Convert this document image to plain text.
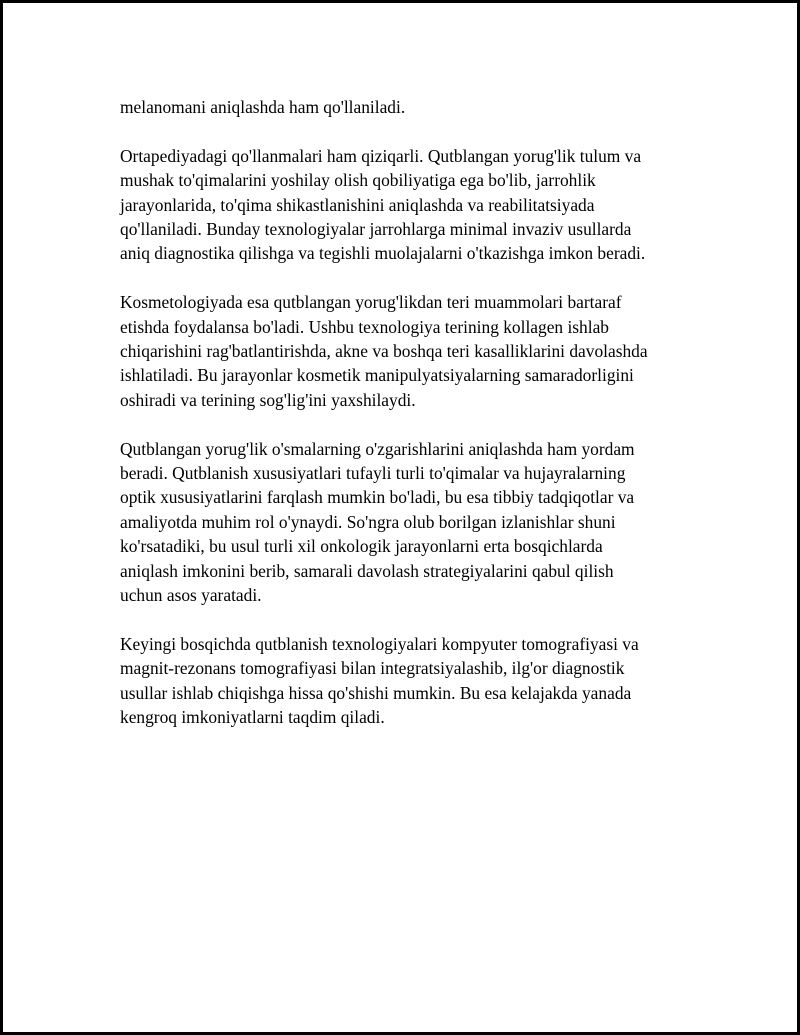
melanomani aniqlashda ham qo'llaniladi.

Ortapediyadagi qo'llanmalari ham qiziqarli. Qutblangan yorug'lik tulum va
mushak to'qimalarini yoshilay olish qobiliyatiga ega bo'lib, jarrohlik
jarayonlarida, to'qima shikastlanishini aniqlashda va reabilitatsiyada
qo'llaniladi. Bunday texnologiyalar jarrohlarga minimal invaziv usullarda
aniq diagnostika qilishga va tegishli muolajalarni o'tkazishga imkon beradi.

Kosmetologiyada esa qutblangan yorug'likdan teri muammolari bartaraf
etishda foydalansa bo'ladi. Ushbu texnologiya terining kollagen ishlab
chiqarishini rag'batlantirishda, akne va boshqa teri kasalliklarini davolashda
ishlatiladi. Bu jarayonlar kosmetik manipulyatsiyalarning samaradorligini
oshiradi va terining sog'lig'ini yaxshilaydi.

Qutblangan yorug'lik o'smalarning o'zgarishlarini aniqlashda ham yordam
beradi. Qutblanish xususiyatlari tufayli turli to'qimalar va hujayralarning
optik xususiyatlarini farqlash mumkin bo'ladi, bu esa tibbiy tadqiqotlar va
amaliyotda muhim rol o'ynaydi. So'ngra olub borilgan izlanishlar shuni
ko'rsatadiki, bu usul turli xil onkologik jarayonlarni erta bosqichlarda
aniqlash imkonini berib, samarali davolash strategiyalarini qabul qilish
uchun asos yaratadi.

Keyingi bosqichda qutblanish texnologiyalari kompyuter tomografiyasi va
magnit-rezonans tomografiyasi bilan integratsiyalashib, ilg'or diagnostik
usullar ishlab chiqishga hissa qo'shishi mumkin. Bu esa kelajakda yanada
kengroq imkoniyatlarni taqdim qiladi.
